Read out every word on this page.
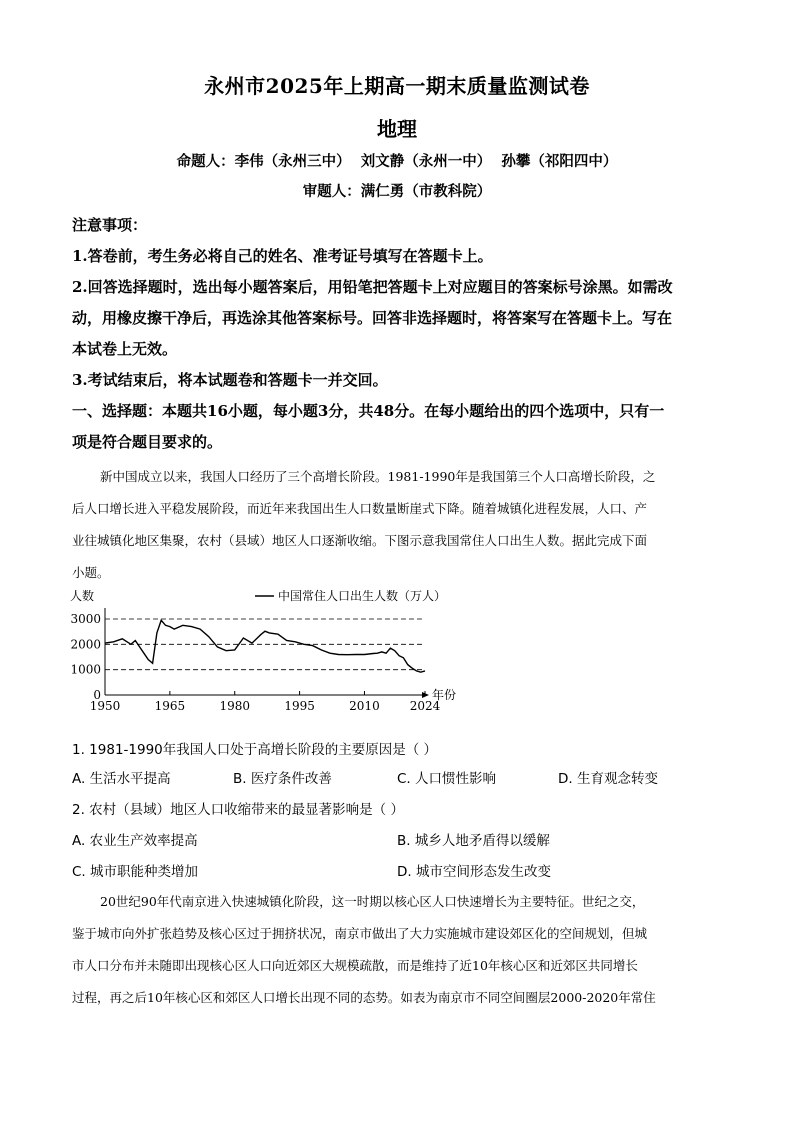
永州市2025年上期高一期末质量监测试卷
地理
命题人：李伟（永州三中）  刘文静（永州一中）  孙攀（祁阳四中）
审题人：满仁勇（市教科院）
注意事项：
1.答卷前，考生务必将自己的姓名、准考证号填写在答题卡上。
2.回答选择题时，选出每小题答案后，用铅笔把答题卡上对应题目的答案标号涂黑。如需改
动，用橡皮擦干净后，再选涂其他答案标号。回答非选择题时，将答案写在答题卡上。写在
本试卷上无效。
3.考试结束后，将本试题卷和答题卡一并交回。
一、选择题：本题共16小题，每小题3分，共48分。在每小题给出的四个选项中，只有一
项是符合题目要求的。
新中国成立以来，我国人口经历了三个高增长阶段。1981-1990年是我国第三个人口高增长阶段，之
后人口增长进入平稳发展阶段，而近年来我国出生人口数量断崖式下降。随着城镇化进程发展，人口、产
业往城镇化地区集聚，农村（县域）地区人口逐渐收缩。下图示意我国常住人口出生人数。据此完成下面
小题。
人数
年份
中国常住人口出生人数（万人）
0
1000
2000
3000
1950	1965	1980	1995	2010 2024
1. 1981-1990年我国人口处于高增长阶段的主要原因是（ ）
A. 生活水平提高	B. 医疗条件改善	C. 人口惯性影响	D. 生育观念转变
2. 农村（县域）地区人口收缩带来的最显著影响是（ ）
A. 农业生产效率提高	B. 城乡人地矛盾得以缓解
C. 城市职能种类增加	D. 城市空间形态发生改变
20世纪90年代南京进入快速城镇化阶段，这一时期以核心区人口快速增长为主要特征。世纪之交，
鉴于城市向外扩张趋势及核心区过于拥挤状况，南京市做出了大力实施城市建设郊区化的空间规划，但城
市人口分布并未随即出现核心区人口向近郊区大规模疏散，而是维持了近10年核心区和近郊区共同增长
过程，再之后10年核心区和郊区人口增长出现不同的态势。如表为南京市不同空间圈层2000-2020年常住
